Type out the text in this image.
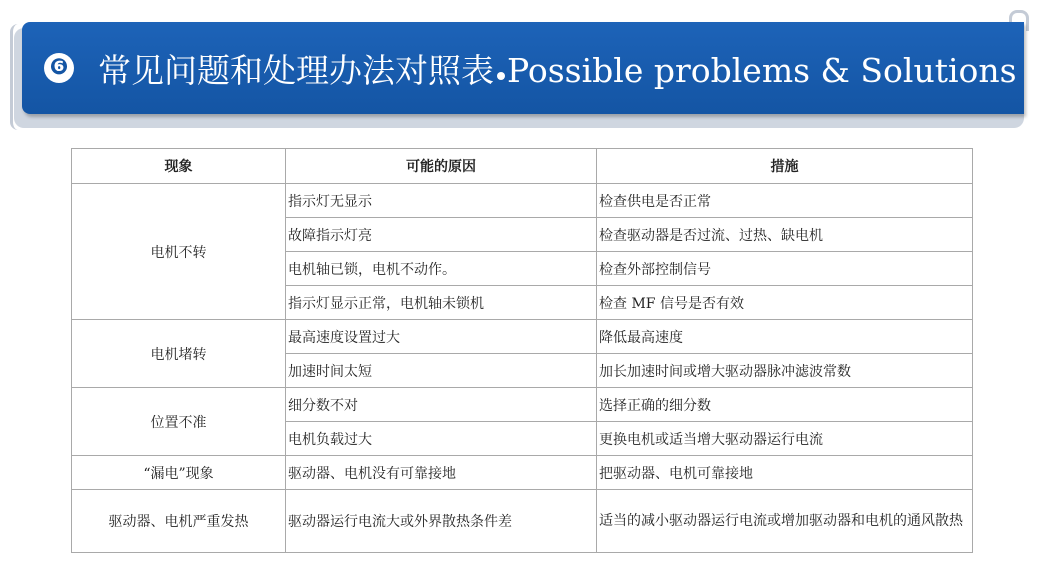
❻ 常见问题和处理办法对照表 Possible problems & Solutions
现象	可能的原因	措施
电机不转	指示灯无显示	检查供电是否正常
	故障指示灯亮	检查驱动器是否过流、过热、缺电机
	电机轴已锁，电机不动作。	检查外部控制信号
	指示灯显示正常，电机轴未锁机	检查 MF 信号是否有效
电机堵转	最高速度设置过大	降低最高速度
	加速时间太短	加长加速时间或增大驱动器脉冲滤波常数
位置不准	细分数不对	选择正确的细分数
	电机负载过大	更换电机或适当增大驱动器运行电流
“漏电”现象	驱动器、电机没有可靠接地	把驱动器、电机可靠接地
驱动器、电机严重发热	驱动器运行电流大或外界散热条件差	适当的减小驱动器运行电流或增加驱动器和电机的通风散热
